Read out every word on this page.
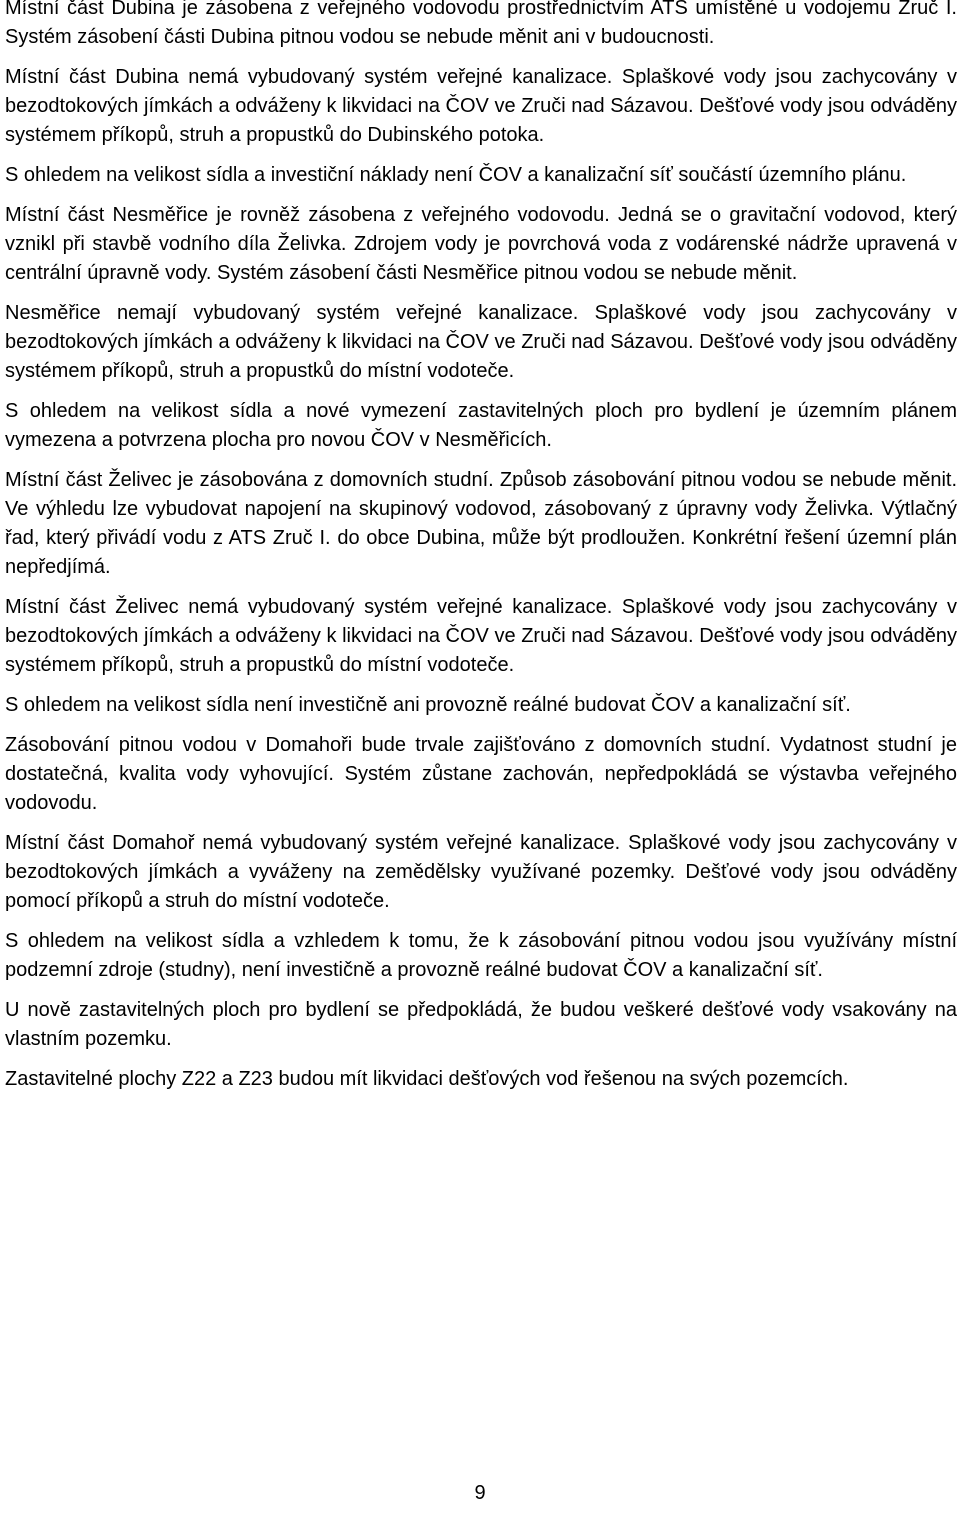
Místní část Dubina je zásobena z veřejného vodovodu prostřednictvím ATS umístěné u vodojemu Zruč I. Systém zásobení části Dubina pitnou vodou se nebude měnit ani v budoucnosti.

Místní část Dubina nemá vybudovaný systém veřejné kanalizace. Splaškové vody jsou zachycovány v bezodtokových jímkách a odváženy k likvidaci na ČOV ve Zruči nad Sázavou. Dešťové vody jsou odváděny systémem příkopů, struh a propustků do Dubinského potoka.

S ohledem na velikost sídla a investiční náklady není ČOV a kanalizační síť součástí územního plánu.

Místní část Nesměřice je rovněž zásobena z veřejného vodovodu. Jedná se o gravitační vodovod, který vznikl při stavbě vodního díla Želivka. Zdrojem vody je povrchová voda z vodárenské nádrže upravená v centrální úpravně vody. Systém zásobení části Nesměřice pitnou vodou se nebude měnit.

Nesměřice nemají vybudovaný systém veřejné kanalizace. Splaškové vody jsou zachycovány v bezodtokových jímkách a odváženy k likvidaci na ČOV ve Zruči nad Sázavou. Dešťové vody jsou odváděny systémem příkopů, struh a propustků do místní vodoteče.

S ohledem na velikost sídla a nové vymezení zastavitelných ploch pro bydlení je územním plánem vymezena a potvrzena plocha pro novou ČOV v Nesměřicích.

Místní část Želivec je zásobována z domovních studní. Způsob zásobování pitnou vodou se nebude měnit. Ve výhledu lze vybudovat napojení na skupinový vodovod, zásobovaný z úpravny vody Želivka. Výtlačný řad, který přivádí vodu z ATS Zruč I. do obce Dubina, může být prodloužen. Konkrétní řešení územní plán nepředjímá.

Místní část Želivec nemá vybudovaný systém veřejné kanalizace. Splaškové vody jsou zachycovány v bezodtokových jímkách a odváženy k likvidaci na ČOV ve Zruči nad Sázavou. Dešťové vody jsou odváděny systémem příkopů, struh a propustků do místní vodoteče.

S ohledem na velikost sídla není investičně ani provozně reálné budovat ČOV a kanalizační síť.

Zásobování pitnou vodou v Domahoři bude trvale zajišťováno z domovních studní. Vydatnost studní je dostatečná, kvalita vody vyhovující. Systém zůstane zachován, nepředpokládá se výstavba veřejného vodovodu.

Místní část Domahoř nemá vybudovaný systém veřejné kanalizace. Splaškové vody jsou zachycovány v bezodtokových jímkách a vyváženy na zemědělsky využívané pozemky. Dešťové vody jsou odváděny pomocí příkopů a struh do místní vodoteče.

S ohledem na velikost sídla a vzhledem k tomu, že k zásobování pitnou vodou jsou využívány místní podzemní zdroje (studny), není investičně a provozně reálné budovat ČOV a kanalizační síť.

U nově zastavitelných ploch pro bydlení se předpokládá, že budou veškeré dešťové vody vsakovány na vlastním pozemku.

Zastavitelné plochy Z22 a Z23 budou mít likvidaci dešťových vod řešenou na svých pozemcích.

9
